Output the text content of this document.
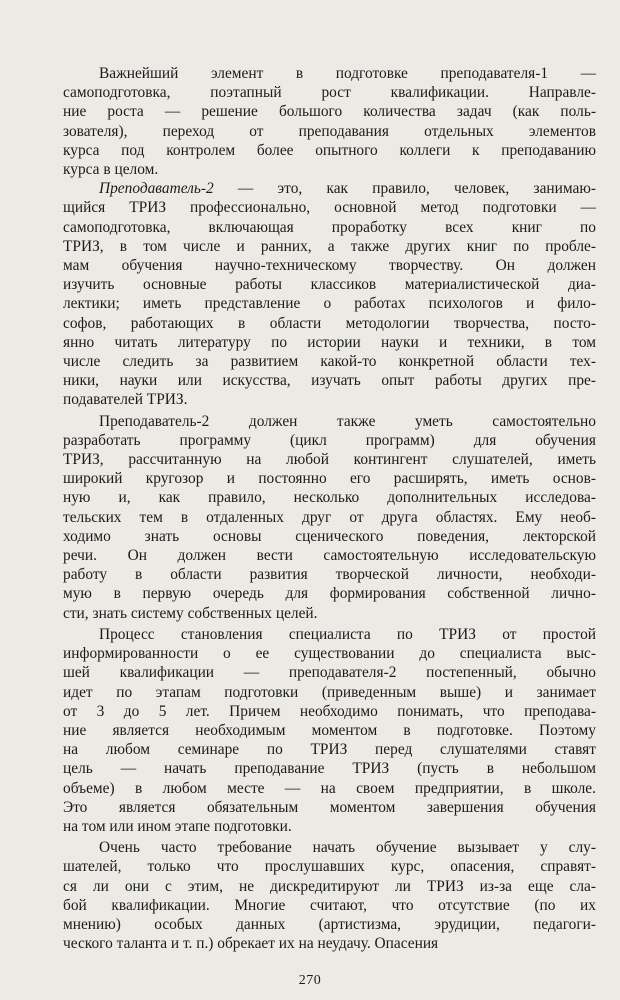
Важнейший элемент в подготовке преподавателя-1 —
самоподготовка, поэтапный рост квалификации. Направле-
ние роста — решение большого количества задач (как поль-
зователя), переход от преподавания отдельных элементов
курса под контролем более опытного коллеги к преподаванию
курса в целом.
Преподаватель-2 — это, как правило, человек, занимаю-
щийся ТРИЗ профессионально, основной метод подготовки —
самоподготовка, включающая проработку всех книг по
ТРИЗ, в том числе и ранних, а также других книг по пробле-
мам обучения научно-техническому творчеству. Он должен
изучить основные работы классиков материалистической диа-
лектики; иметь представление о работах психологов и фило-
софов, работающих в области методологии творчества, посто-
янно читать литературу по истории науки и техники, в том
числе следить за развитием какой-то конкретной области тех-
ники, науки или искусства, изучать опыт работы других пре-
подавателей ТРИЗ.
Преподаватель-2 должен также уметь самостоятельно
разработать программу (цикл программ) для обучения
ТРИЗ, рассчитанную на любой контингент слушателей, иметь
широкий кругозор и постоянно его расширять, иметь основ-
ную и, как правило, несколько дополнительных исследова-
тельских тем в отдаленных друг от друга областях. Ему необ-
ходимо знать основы сценического поведения, лекторской
речи. Он должен вести самостоятельную исследовательскую
работу в области развития творческой личности, необходи-
мую в первую очередь для формирования собственной лично-
сти, знать систему собственных целей.
Процесс становления специалиста по ТРИЗ от простой
информированности о ее существовании до специалиста выс-
шей квалификации — преподавателя-2 постепенный, обычно
идет по этапам подготовки (приведенным выше) и занимает
от 3 до 5 лет. Причем необходимо понимать, что преподава-
ние является необходимым моментом в подготовке. Поэтому
на любом семинаре по ТРИЗ перед слушателями ставят
цель — начать преподавание ТРИЗ (пусть в небольшом
объеме) в любом месте — на своем предприятии, в школе.
Это является обязательным моментом завершения обучения
на том или ином этапе подготовки.
Очень часто требование начать обучение вызывает у слу-
шателей, только что прослушавших курс, опасения, справят-
ся ли они с этим, не дискредитируют ли ТРИЗ из-за еще сла-
бой квалификации. Многие считают, что отсутствие (по их
мнению) особых данных (артистизма, эрудиции, педагоги-
ческого таланта и т. п.) обрекает их на неудачу. Опасения
270
